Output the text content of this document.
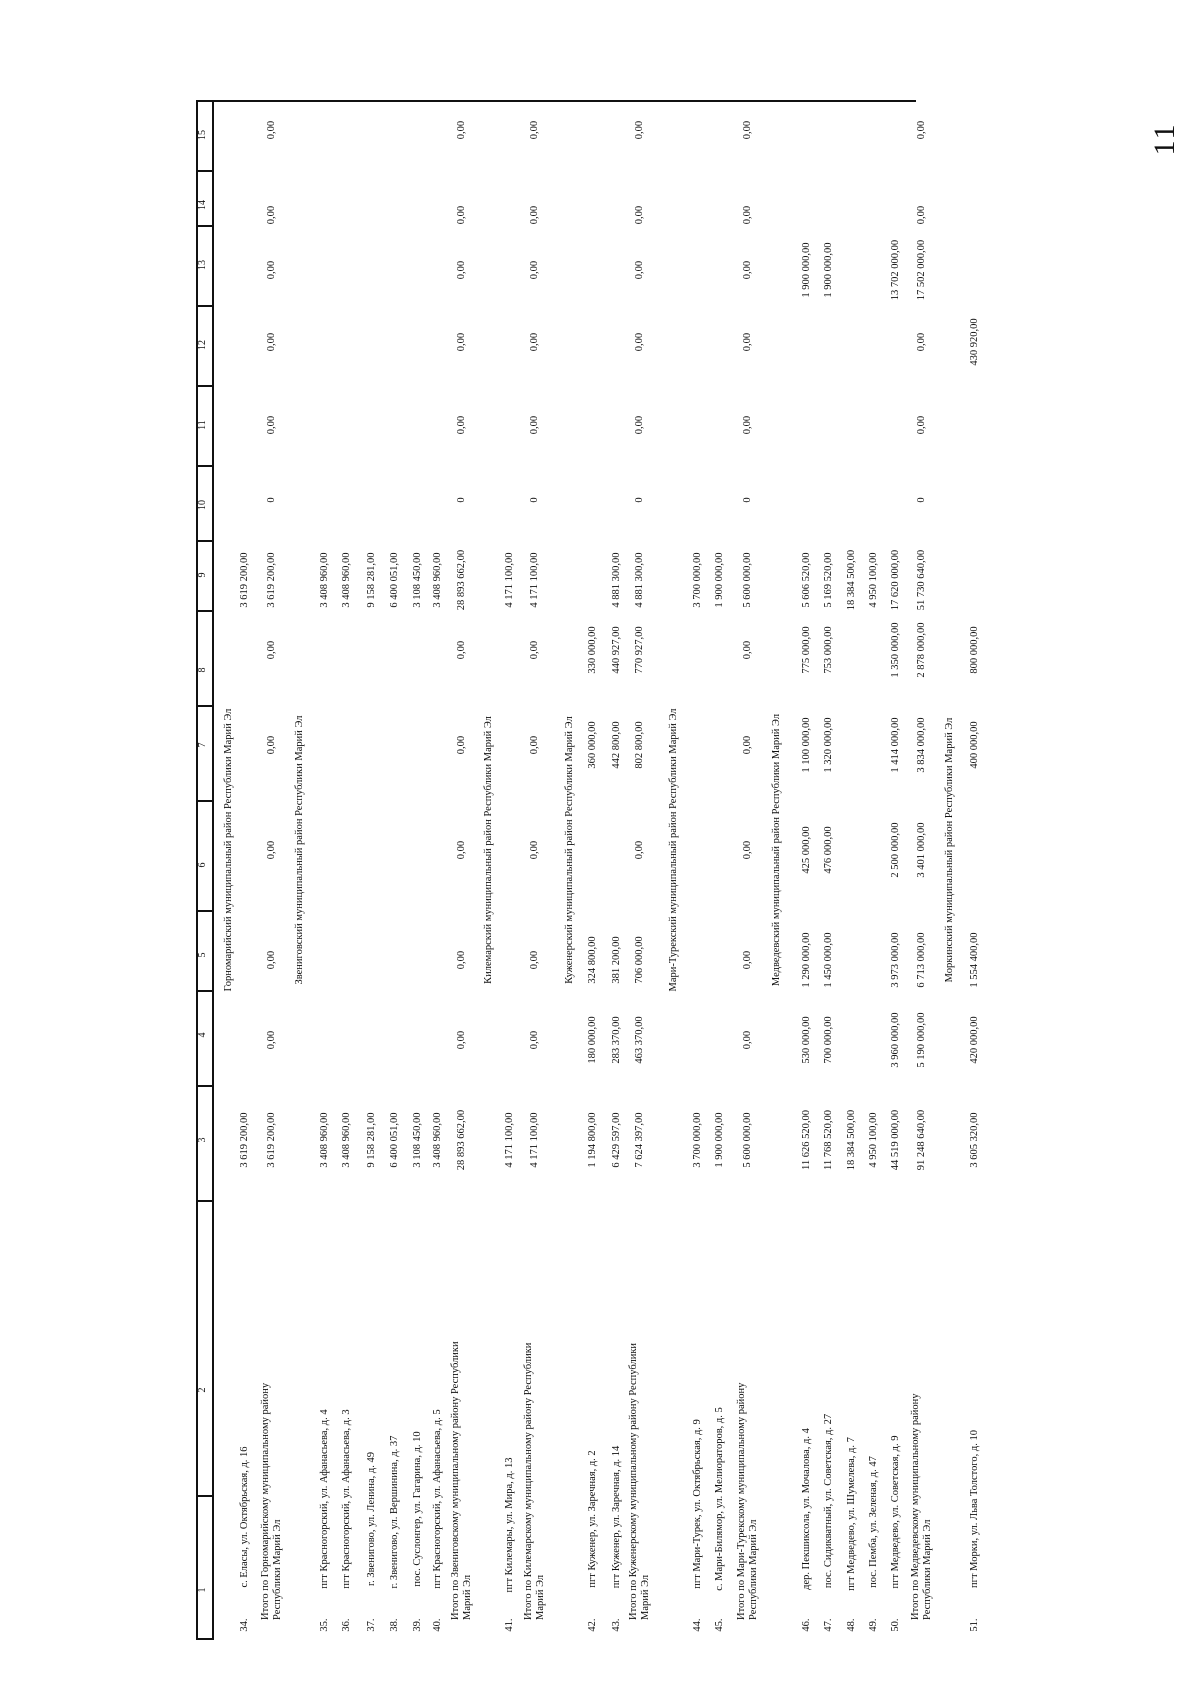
11
1
2
3
4
5
6
7
8
9
10
11
12
13
14
15
Горномарийский муниципальный район Республики Марий Эл
34.
с. Еласы, ул. Октябрьская, д. 16
3 619 200,00
3 619 200,00
Итого по Горномарийскому муниципальному району Республики Марий Эл
3 619 200,00
0,00
0,00
0,00
0,00
0,00
3 619 200,00
0
0,00
0,00
0,00
0,00
0,00
Звениговский муниципальный район Республики Марий Эл
35.
пгт Красногорский, ул. Афанасьева, д. 4
3 408 960,00
3 408 960,00
36.
пгт Красногорский, ул. Афанасьева, д. 3
3 408 960,00
3 408 960,00
37.
г. Звенигово, ул. Ленина, д. 49
9 158 281,00
9 158 281,00
38.
г. Звенигово, ул. Вершинина, д. 37
6 400 051,00
6 400 051,00
39.
пос. Суслонгер, ул. Гагарина, д. 10
3 108 450,00
3 108 450,00
40.
пгт Красногорский, ул. Афанасьева, д. 5
3 408 960,00
3 408 960,00
Итого по Звениговскому муниципальному району Республики Марий Эл
28 893 662,00
0,00
0,00
0,00
0,00
0,00
28 893 662,00
0
0,00
0,00
0,00
0,00
0,00
Килемарский муниципальный район Республики Марий Эл
41.
пгт Килемары, ул. Мира, д. 13
4 171 100,00
4 171 100,00
Итого по Килемарскому муниципальному району Республики Марий Эл
4 171 100,00
0,00
0,00
0,00
0,00
0,00
4 171 100,00
0
0,00
0,00
0,00
0,00
0,00
Куженерский муниципальный район Республики Марий Эл
42.
пгт Куженер, ул. Заречная, д. 2
1 194 800,00
180 000,00
324 800,00
360 000,00
330 000,00
43.
пгт Куженер, ул. Заречная, д. 14
6 429 597,00
283 370,00
381 200,00
442 800,00
440 927,00
4 881 300,00
Итого по Куженерскому муниципальному району Республики Марий Эл
7 624 397,00
463 370,00
706 000,00
0,00
802 800,00
770 927,00
4 881 300,00
0
0,00
0,00
0,00
0,00
0,00
Мари-Турекский муниципальный район Республики Марий Эл
44.
пгт Мари-Турек, ул. Октябрьская, д. 9
3 700 000,00
3 700 000,00
45.
с. Мари-Билямор, ул. Мелиораторов, д. 5
1 900 000,00
1 900 000,00
Итого по Мари-Турекскому муниципальному району Республики Марий Эл
5 600 000,00
0,00
0,00
0,00
0,00
0,00
5 600 000,00
0
0,00
0,00
0,00
0,00
0,00
Медведевский муниципальный район Республики Марий Эл
46.
дер. Пекшиксола, ул. Мочалова, д. 4
11 626 520,00
530 000,00
1 290 000,00
425 000,00
1 100 000,00
775 000,00
5 606 520,00
1 900 000,00
47.
пос. Сидикватный, ул. Советская, д. 27
11 768 520,00
700 000,00
1 450 000,00
476 000,00
1 320 000,00
753 000,00
5 169 520,00
1 900 000,00
48.
пгт Медведево, ул. Шумелева, д. 7
18 384 500,00
18 384 500,00
49.
пос. Пемба, ул. Зеленая, д. 47
4 950 100,00
4 950 100,00
50.
пгт Медведево, ул. Советская, д. 9
44 519 000,00
3 960 000,00
3 973 000,00
2 500 000,00
1 414 000,00
1 350 000,00
17 620 000,00
13 702 000,00
Итого по Медведевскому муниципальному району Республики Марий Эл
91 248 640,00
5 190 000,00
6 713 000,00
3 401 000,00
3 834 000,00
2 878 000,00
51 730 640,00
0
0,00
0,00
17 502 000,00
0,00
0,00
Моркинский муниципальный район Республики Марий Эл
51.
пгт Морки, ул. Льва Толстого, д. 10
3 605 320,00
420 000,00
1 554 400,00
400 000,00
800 000,00
430 920,00
